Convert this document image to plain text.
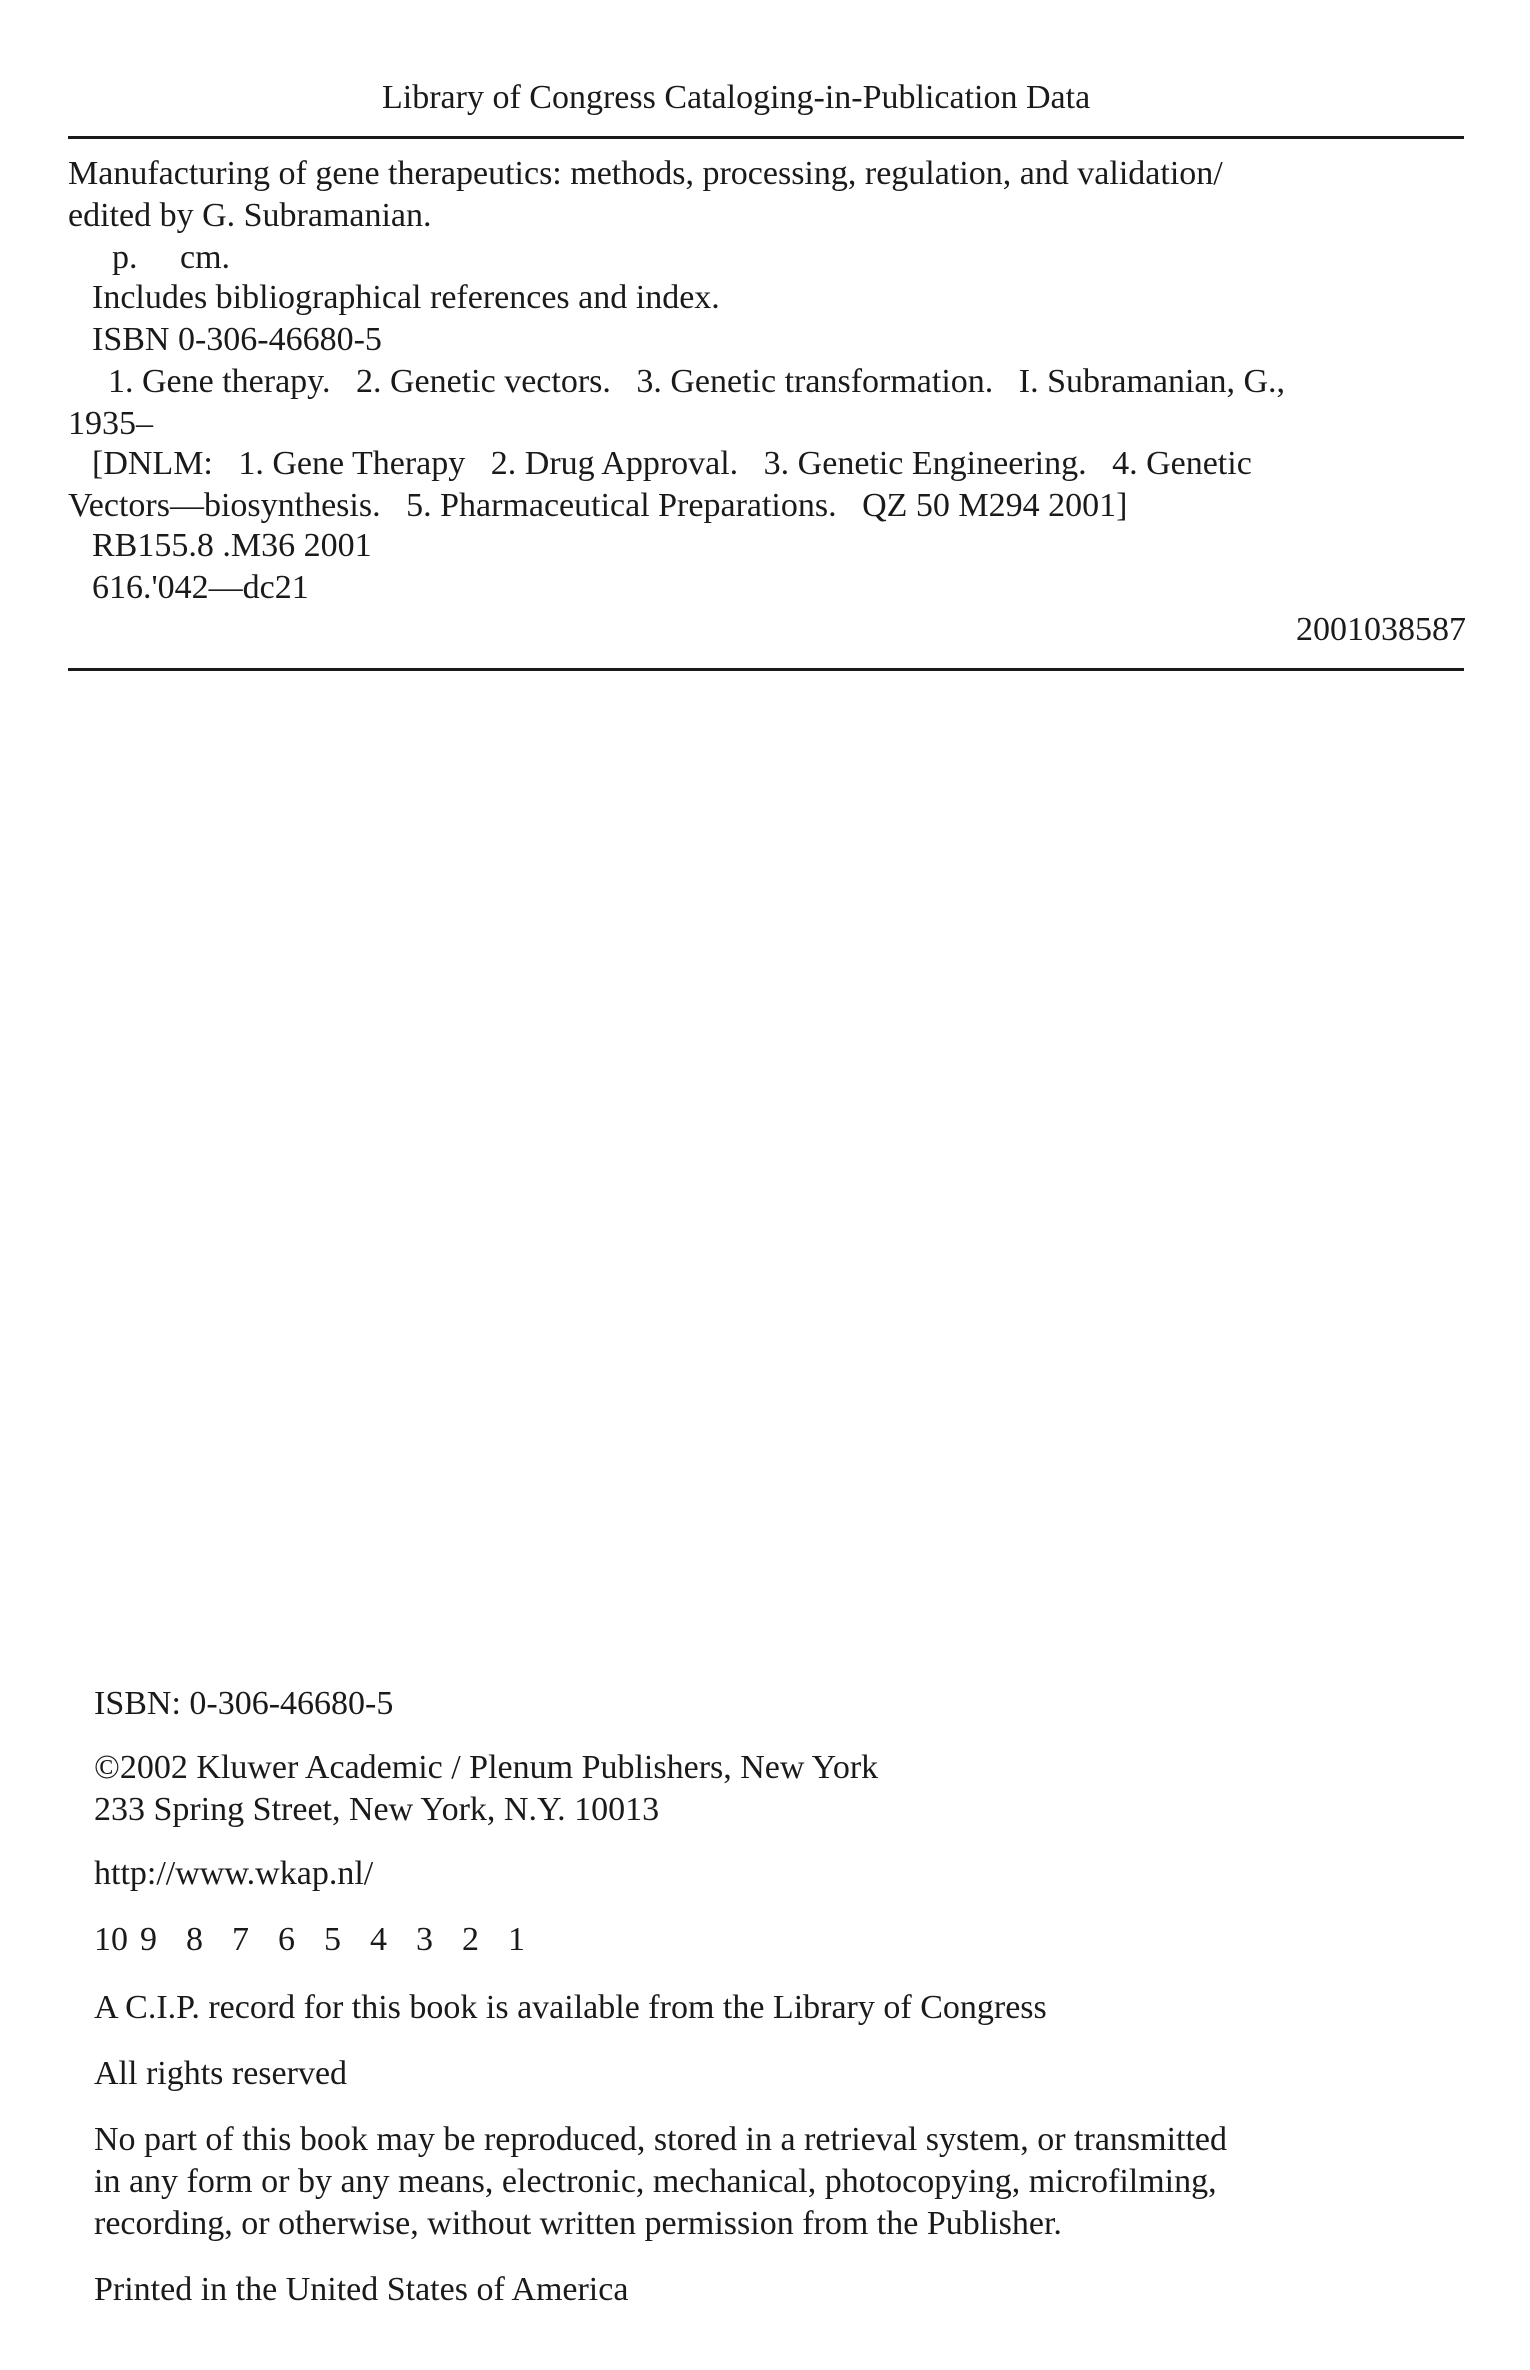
Library of Congress Cataloging-in-Publication Data
Manufacturing of gene therapeutics: methods, processing, regulation, and validation/
edited by G. Subramanian.
p.     cm.
Includes bibliographical references and index.
ISBN 0-306-46680-5
1. Gene therapy.   2. Genetic vectors.   3. Genetic transformation.   I. Subramanian, G.,
1935–
[DNLM:   1. Gene Therapy   2. Drug Approval.   3. Genetic Engineering.   4. Genetic
Vectors—biosynthesis.   5. Pharmaceutical Preparations.   QZ 50 M294 2001]
RB155.8 .M36 2001
616.'042—dc21
2001038587
ISBN: 0-306-46680-5
©2002 Kluwer Academic / Plenum Publishers, New York
233 Spring Street, New York, N.Y. 10013
http://www.wkap.nl/
10 9 8 7 6 5 4 3 2 1
A C.I.P. record for this book is available from the Library of Congress
All rights reserved
No part of this book may be reproduced, stored in a retrieval system, or transmitted
in any form or by any means, electronic, mechanical, photocopying, microfilming,
recording, or otherwise, without written permission from the Publisher.
Printed in the United States of America
